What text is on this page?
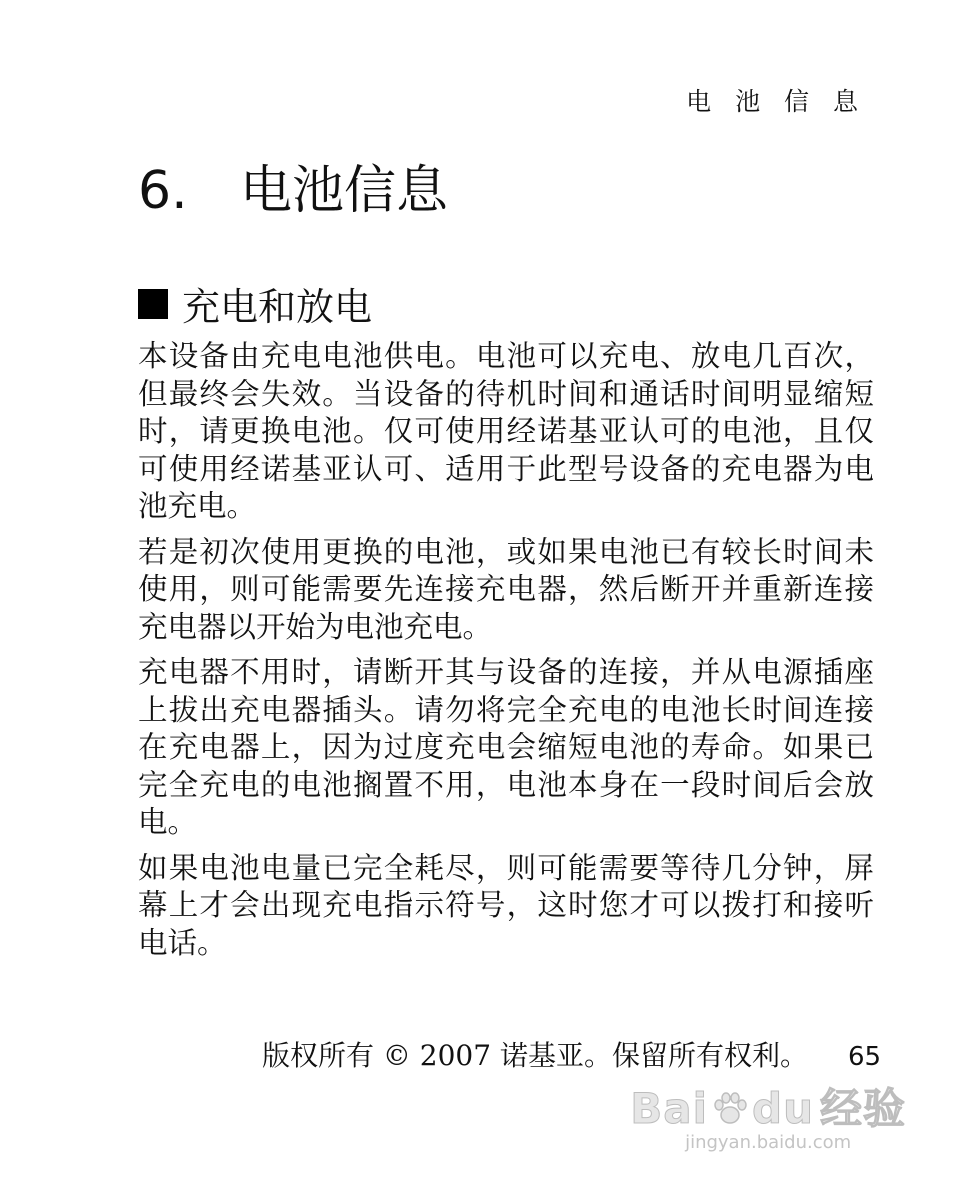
电 池 信 息
6.	电池信息
充电和放电

本设备由充电电池供电。电池可以充电、放电几百次，但最终会失效。当设备的待机时间和通话时间明显缩短时，请更换电池。仅可使用经诺基亚认可的电池，且仅可使用经诺基亚认可、适用于此型号设备的充电器为电池充电。

若是初次使用更换的电池，或如果电池已有较长时间未使用，则可能需要先连接充电器，然后断开并重新连接充电器以开始为电池充电。

充电器不用时，请断开其与设备的连接，并从电源插座上拔出充电器插头。请勿将完全充电的电池长时间连接在充电器上，因为过度充电会缩短电池的寿命。如果已完全充电的电池搁置不用，电池本身在一段时间后会放电。

如果电池电量已完全耗尽，则可能需要等待几分钟，屏幕上才会出现充电指示符号，这时您才可以拨打和接听电话。

版权所有 © 2007 诺基亚。保留所有权利。 65
Bai du 经验
jingyan.baidu.com
